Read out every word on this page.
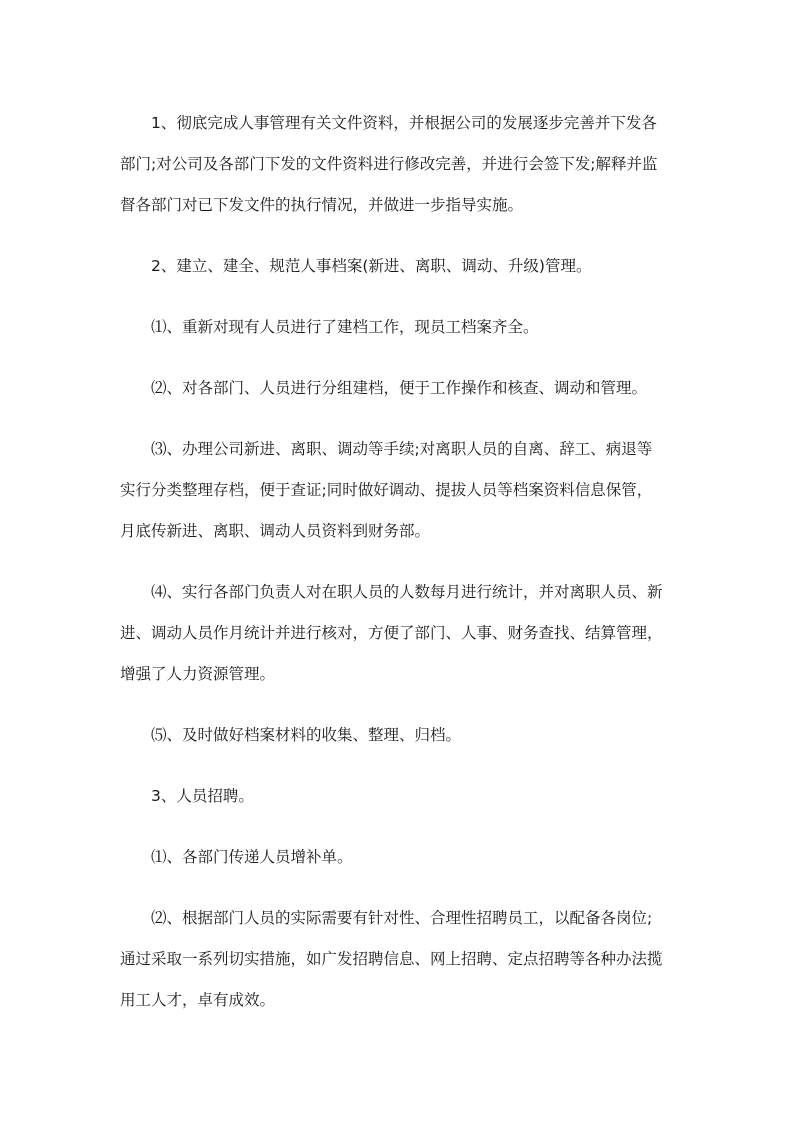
1、彻底完成人事管理有关文件资料，并根据公司的发展逐步完善并下发各
部门;对公司及各部门下发的文件资料进行修改完善，并进行会签下发;解释并监
督各部门对已下发文件的执行情况，并做进一步指导实施。

2、建立、建全、规范人事档案(新进、离职、调动、升级)管理。

⑴、重新对现有人员进行了建档工作，现员工档案齐全。

⑵、对各部门、人员进行分组建档，便于工作操作和核查、调动和管理。

⑶、办理公司新进、离职、调动等手续;对离职人员的自离、辞工、病退等
实行分类整理存档，便于查证;同时做好调动、提拔人员等档案资料信息保管，
月底传新进、离职、调动人员资料到财务部。

⑷、实行各部门负责人对在职人员的人数每月进行统计，并对离职人员、新
进、调动人员作月统计并进行核对，方便了部门、人事、财务查找、结算管理，
增强了人力资源管理。

⑸、及时做好档案材料的收集、整理、归档。

3、人员招聘。

⑴、各部门传递人员增补单。

⑵、根据部门人员的实际需要有针对性、合理性招聘员工，以配备各岗位;
通过采取一系列切实措施，如广发招聘信息、网上招聘、定点招聘等各种办法揽
用工人才，卓有成效。
